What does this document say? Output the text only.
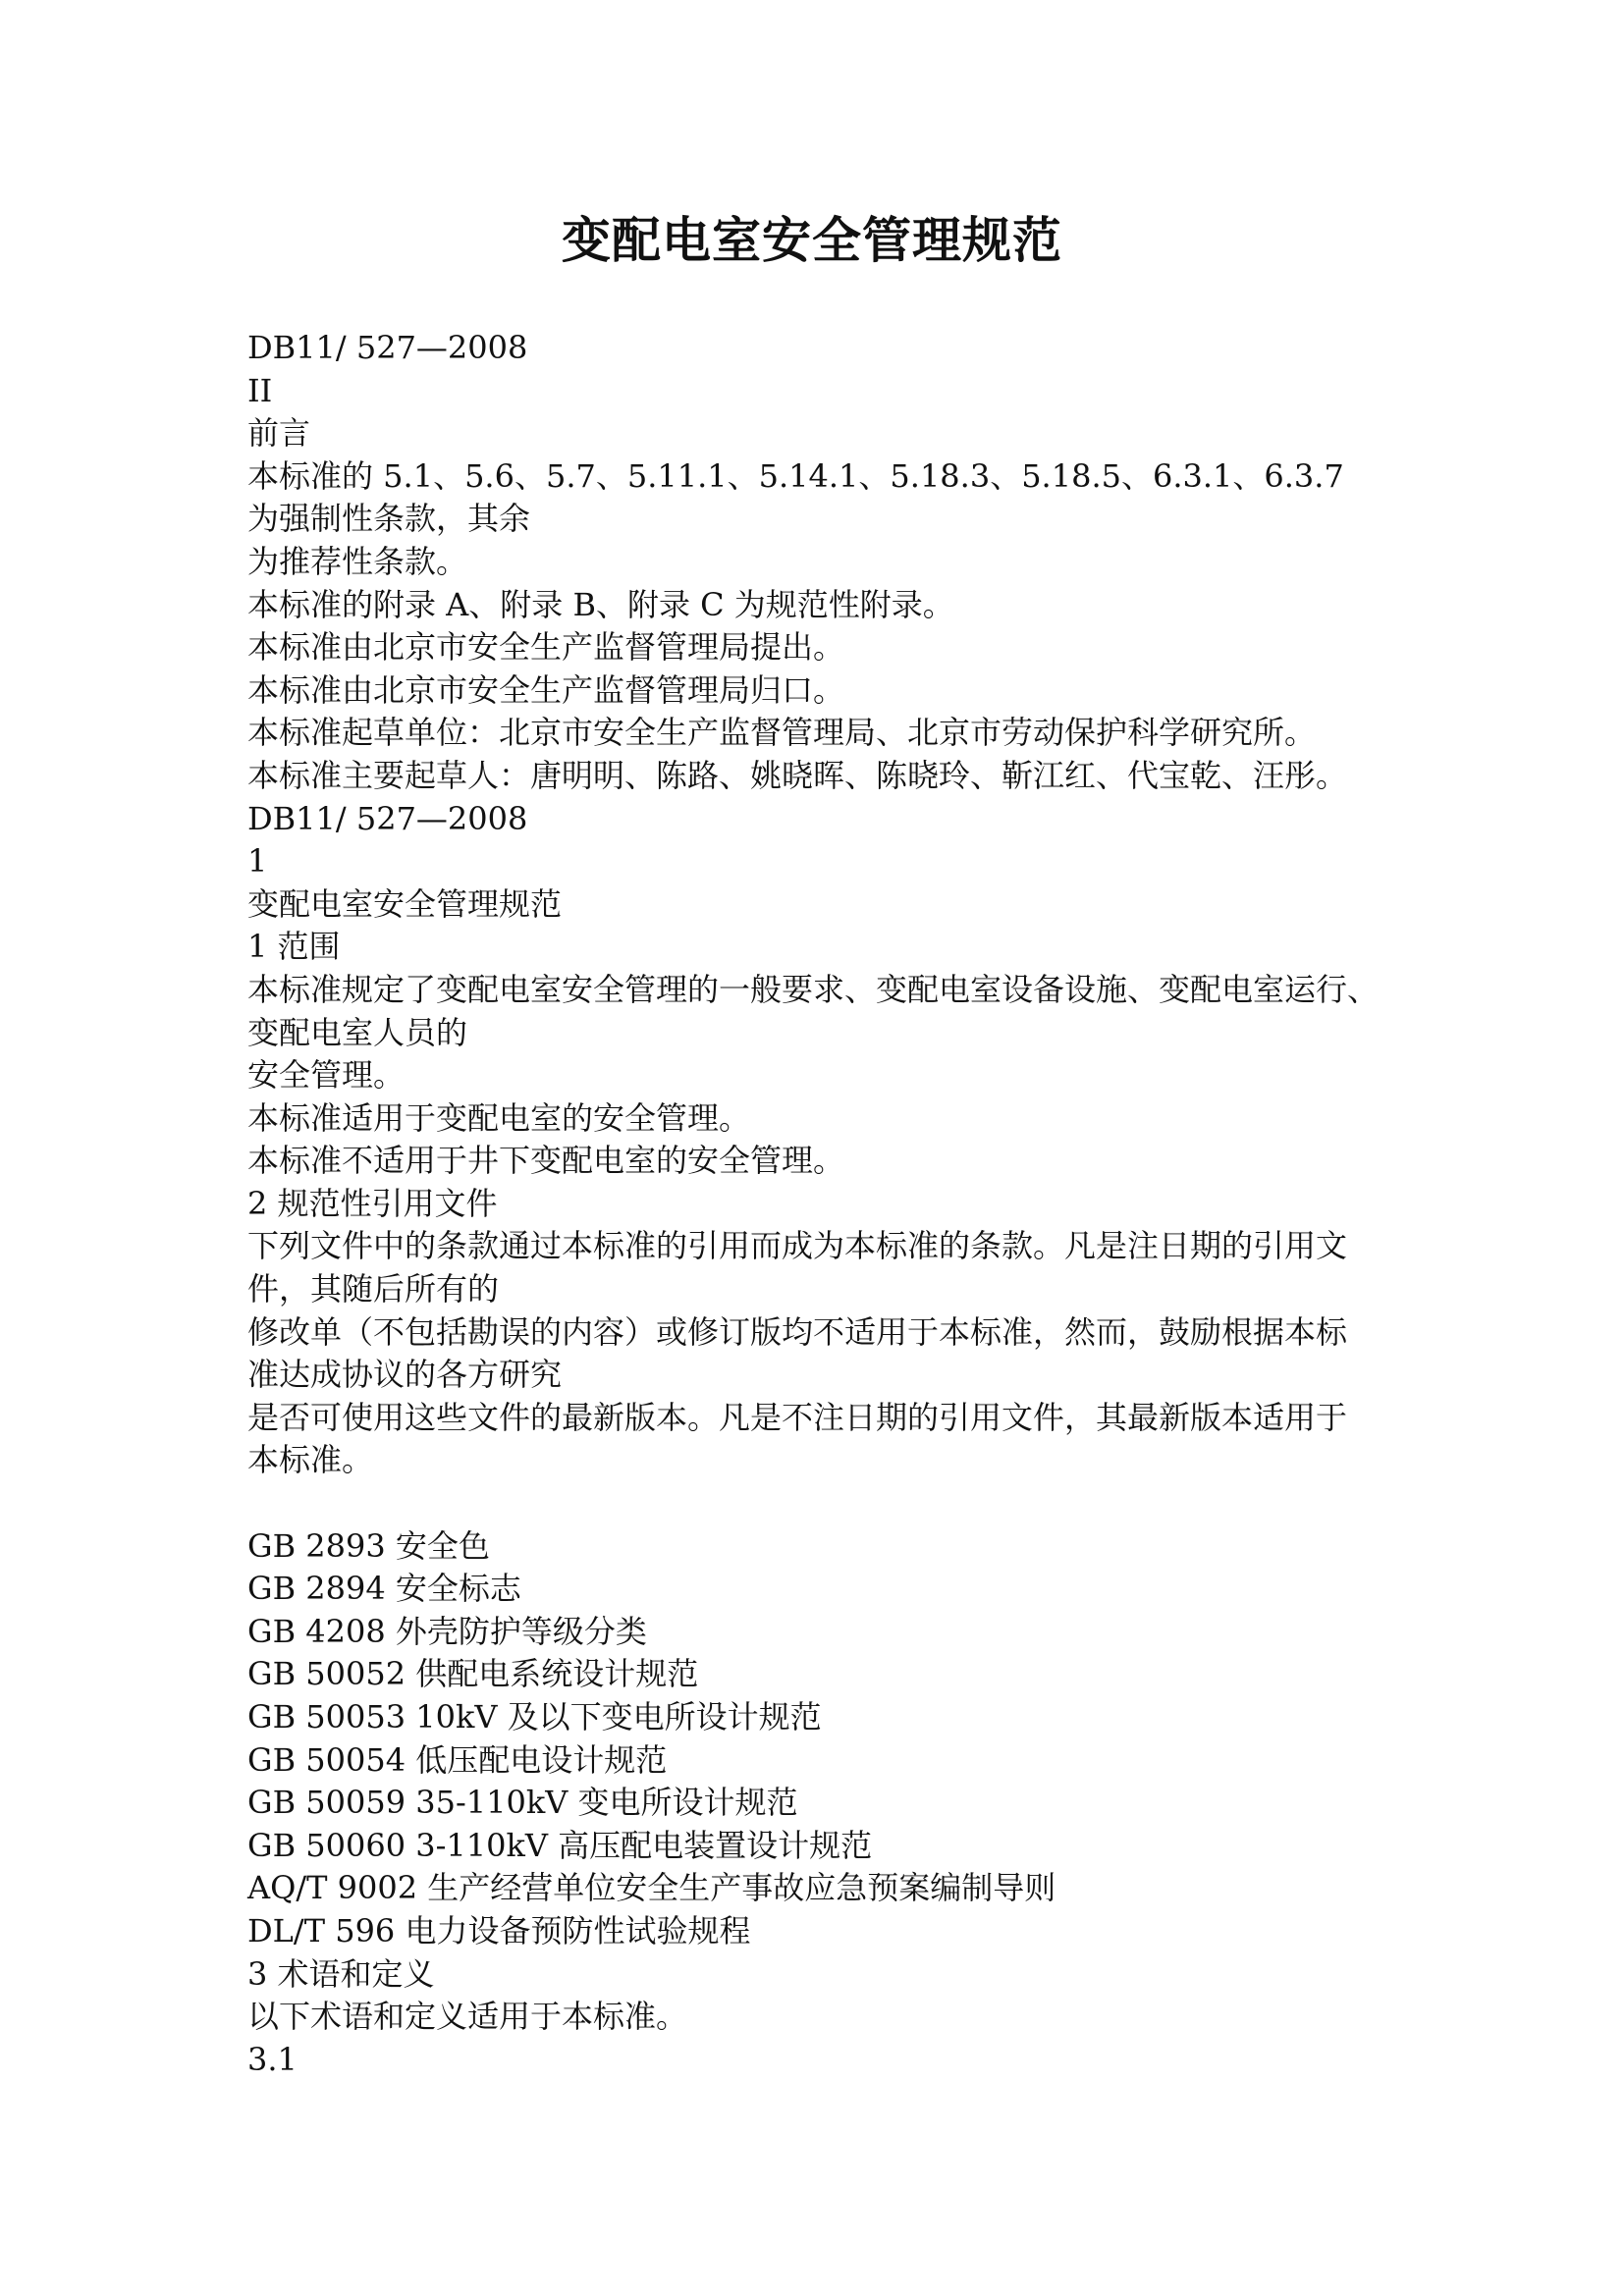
变配电室安全管理规范
DB11/ 527—2008
II
前言
本标准的 5.1、5.6、5.7、5.11.1、5.14.1、5.18.3、5.18.5、6.3.1、6.3.7
为强制性条款，其余
为推荐性条款。
本标准的附录 A、附录 B、附录 C 为规范性附录。
本标准由北京市安全生产监督管理局提出。
本标准由北京市安全生产监督管理局归口。
本标准起草单位：北京市安全生产监督管理局、北京市劳动保护科学研究所。
本标准主要起草人：唐明明、陈路、姚晓晖、陈晓玲、靳江红、代宝乾、汪彤。
DB11/ 527—2008
1
变配电室安全管理规范
1 范围
本标准规定了变配电室安全管理的一般要求、变配电室设备设施、变配电室运行、
变配电室人员的
安全管理。
本标准适用于变配电室的安全管理。
本标准不适用于井下变配电室的安全管理。
2 规范性引用文件
下列文件中的条款通过本标准的引用而成为本标准的条款。凡是注日期的引用文
件，其随后所有的
修改单（不包括勘误的内容）或修订版均不适用于本标准，然而，鼓励根据本标
准达成协议的各方研究
是否可使用这些文件的最新版本。凡是不注日期的引用文件，其最新版本适用于
本标准。
GB 2893 安全色
GB 2894 安全标志
GB 4208 外壳防护等级分类
GB 50052 供配电系统设计规范
GB 50053 10kV 及以下变电所设计规范
GB 50054 低压配电设计规范
GB 50059 35-110kV 变电所设计规范
GB 50060 3-110kV 高压配电装置设计规范
AQ/T 9002 生产经营单位安全生产事故应急预案编制导则
DL/T 596 电力设备预防性试验规程
3 术语和定义
以下术语和定义适用于本标准。
3.1
